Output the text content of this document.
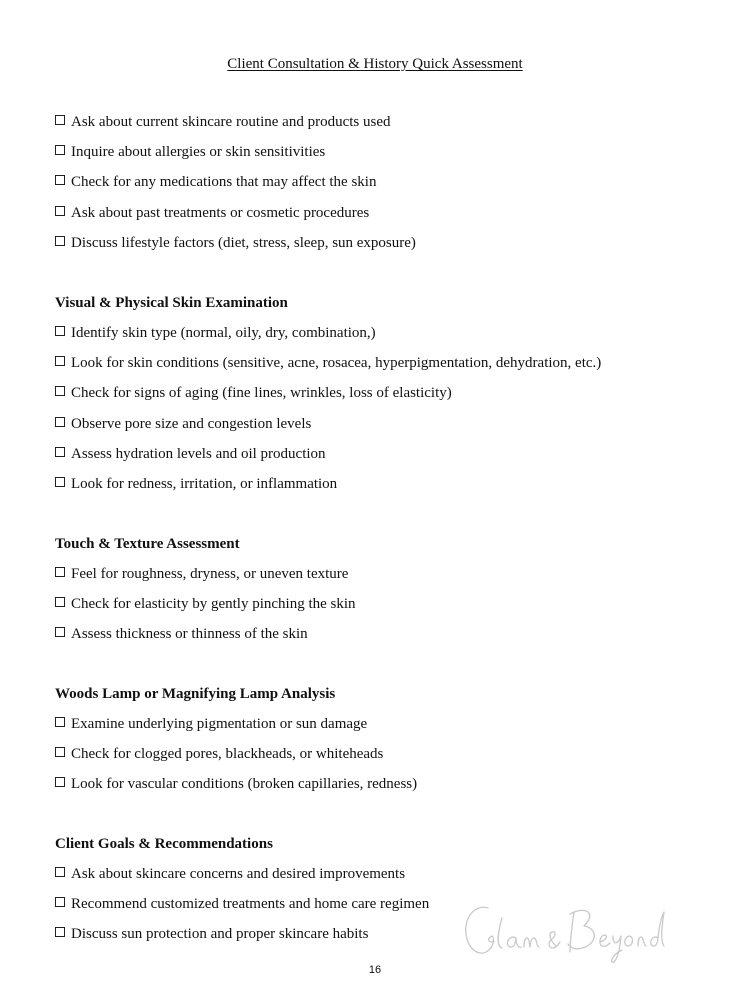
Client Consultation & History Quick Assessment
Ask about current skincare routine and products used
Inquire about allergies or skin sensitivities
Check for any medications that may affect the skin
Ask about past treatments or cosmetic procedures
Discuss lifestyle factors (diet, stress, sleep, sun exposure)
Visual & Physical Skin Examination
Identify skin type (normal, oily, dry, combination,)
Look for skin conditions (sensitive, acne, rosacea, hyperpigmentation, dehydration, etc.)
Check for signs of aging (fine lines, wrinkles, loss of elasticity)
Observe pore size and congestion levels
Assess hydration levels and oil production
Look for redness, irritation, or inflammation
Touch & Texture Assessment
Feel for roughness, dryness, or uneven texture
Check for elasticity by gently pinching the skin
Assess thickness or thinness of the skin
Woods Lamp or Magnifying Lamp Analysis
Examine underlying pigmentation or sun damage
Check for clogged pores, blackheads, or whiteheads
Look for vascular conditions (broken capillaries, redness)
Client Goals & Recommendations
Ask about skincare concerns and desired improvements
Recommend customized treatments and home care regimen
Discuss sun protection and proper skincare habits
16
